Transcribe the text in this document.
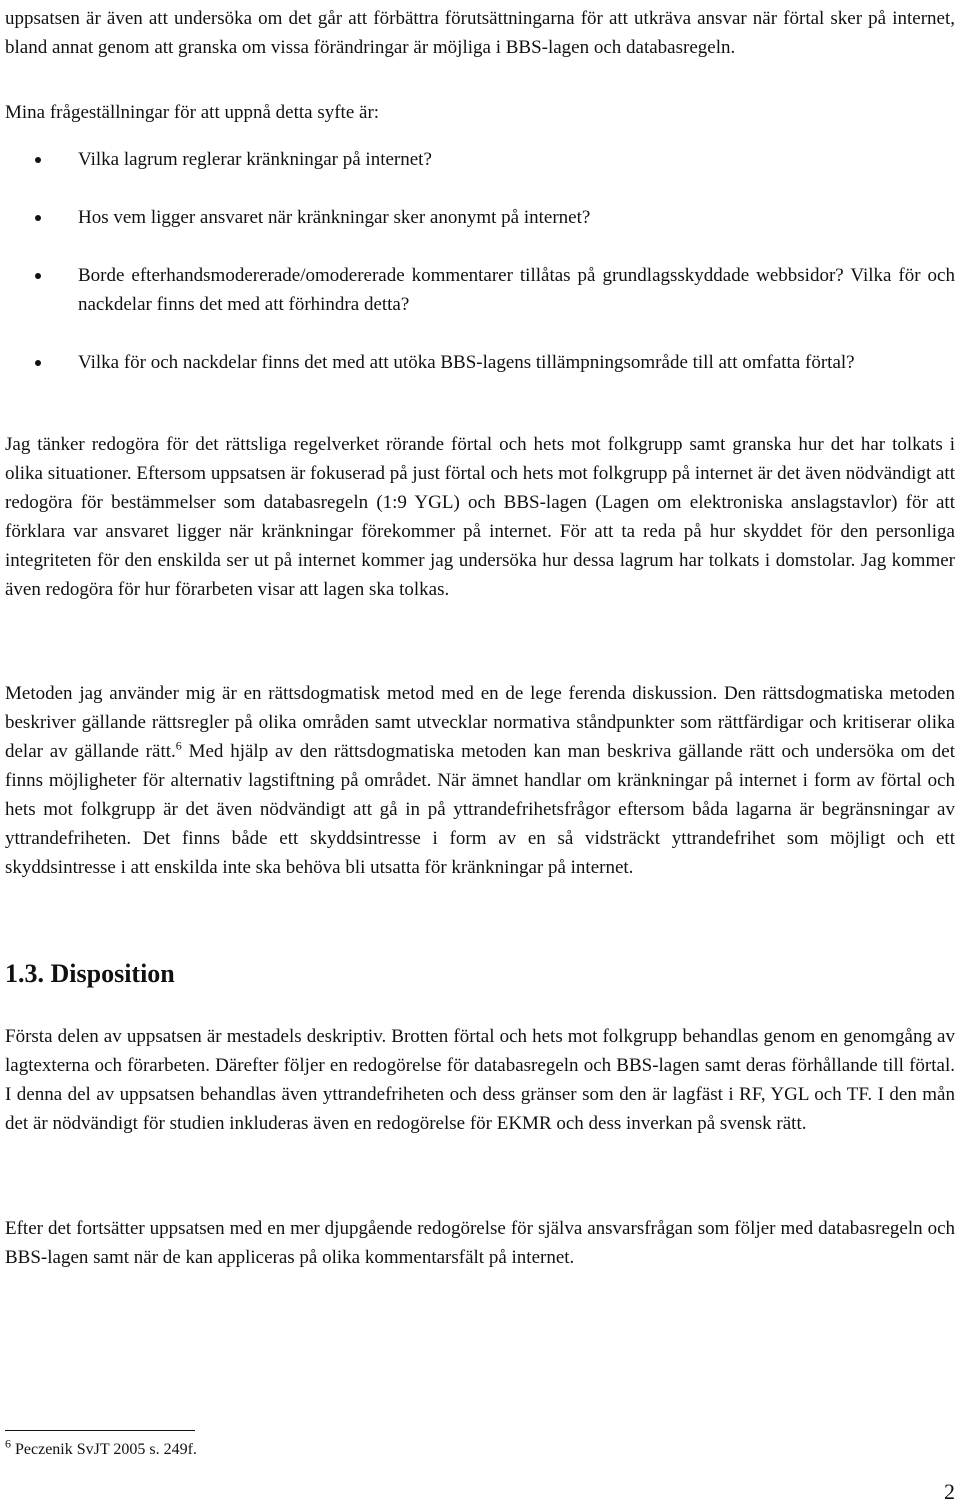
uppsatsen är även att undersöka om det går att förbättra förutsättningarna för att utkräva ansvar när förtal sker på internet, bland annat genom att granska om vissa förändringar är möjliga i BBS-lagen och databasregeln.

Mina frågeställningar för att uppnå detta syfte är:

Vilka lagrum reglerar kränkningar på internet?
Hos vem ligger ansvaret när kränkningar sker anonymt på internet?
Borde efterhandsmodererade/omodererade kommentarer tillåtas på grundlagsskyddade webbsidor? Vilka för och nackdelar finns det med att förhindra detta?
Vilka för och nackdelar finns det med att utöka BBS-lagens tillämpningsområde till att omfatta förtal?

Jag tänker redogöra för det rättsliga regelverket rörande förtal och hets mot folkgrupp samt granska hur det har tolkats i olika situationer. Eftersom uppsatsen är fokuserad på just förtal och hets mot folkgrupp på internet är det även nödvändigt att redogöra för bestämmelser som databasregeln (1:9 YGL) och BBS-lagen (Lagen om elektroniska anslagstavlor) för att förklara var ansvaret ligger när kränkningar förekommer på internet. För att ta reda på hur skyddet för den personliga integriteten för den enskilda ser ut på internet kommer jag undersöka hur dessa lagrum har tolkats i domstolar. Jag kommer även redogöra för hur förarbeten visar att lagen ska tolkas.

Metoden jag använder mig är en rättsdogmatisk metod med en de lege ferenda diskussion. Den rättsdogmatiska metoden beskriver gällande rättsregler på olika områden samt utvecklar normativa ståndpunkter som rättfärdigar och kritiserar olika delar av gällande rätt.$^6$ Med hjälp av den rättsdogmatiska metoden kan man beskriva gällande rätt och undersöka om det finns möjligheter för alternativ lagstiftning på området. När ämnet handlar om kränkningar på internet i form av förtal och hets mot folkgrupp är det även nödvändigt att gå in på yttrandefrihetsfrågor eftersom båda lagarna är begränsningar av yttrandefriheten. Det finns både ett skyddsintresse i form av en så vidsträckt yttrandefrihet som möjligt och ett skyddsintresse i att enskilda inte ska behöva bli utsatta för kränkningar på internet.

1.3. Disposition

Första delen av uppsatsen är mestadels deskriptiv. Brotten förtal och hets mot folkgrupp behandlas genom en genomgång av lagtexterna och förarbeten. Därefter följer en redogörelse för databasregeln och BBS-lagen samt deras förhållande till förtal. I denna del av uppsatsen behandlas även yttrandefriheten och dess gränser som den är lagfäst i RF, YGL och TF. I den mån det är nödvändigt för studien inkluderas även en redogörelse för EKMR och dess inverkan på svensk rätt.

Efter det fortsätter uppsatsen med en mer djupgående redogörelse för själva ansvarsfrågan som följer med databasregeln och BBS-lagen samt när de kan appliceras på olika kommentarsfält på internet.

$^6$ Peczenik SvJT 2005 s. 249f.
2
